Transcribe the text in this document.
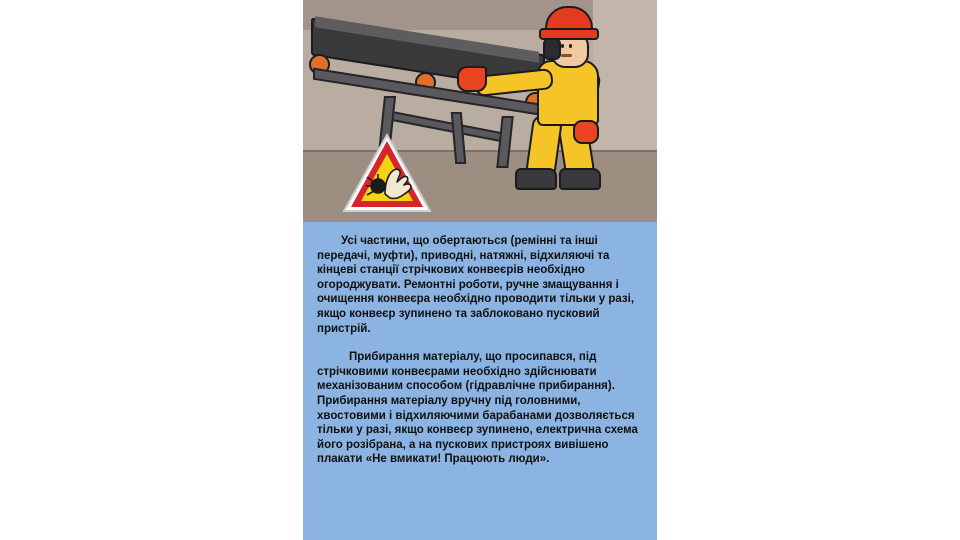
Усі частини, що обертаються (ремінні та інші передачі, муфти), приводні, натяжні, відхиляючі та кінцеві станції стрічкових конвеєрів необхідно огороджувати. Ремонтні роботи, ручне змащування і очищення конвеєра необхідно проводити тільки у разі, якщо конвеєр зупинено та заблоковано пусковий пристрій.

Прибирання матеріалу, що просипався, під стрічковими конвеєрами необхідно здійснювати механізованим способом (гідравлічне прибирання). Прибирання матеріалу вручну під головними, хвостовими і відхиляючими барабанами дозволяється тільки у разі, якщо конвеєр зупинено, електрична схема його розібрана, а на пускових пристроях вивішено плакати «Не вмикати! Працюють люди».
